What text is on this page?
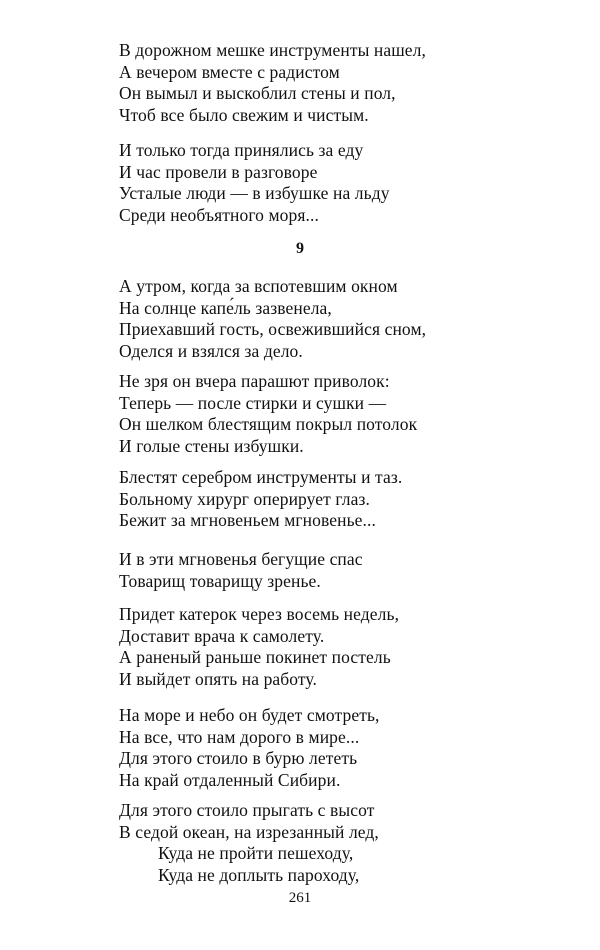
В дорожном мешке инструменты нашел,
А вечером вместе с радистом
Он вымыл и выскоблил стены и пол,
Чтоб все было свежим и чистым.
И только тогда принялись за еду
И час провели в разговоре
Усталые люди — в избушке на льду
Среди необъятного моря...
9
А утром, когда за вспотевшим окном
На солнце капе́ль зазвенела,
Приехавший гость, освежившийся сном,
Оделся и взялся за дело.
Не зря он вчера парашют приволок:
Теперь — после стирки и сушки —
Он шелком блестящим покрыл потолок
И голые стены избушки.
Блестят серебром инструменты и таз.
Больному хирург оперирует глаз.
Бежит за мгновеньем мгновенье...
И в эти мгновенья бегущие спас
Товарищ товарищу зренье.
Придет катерок через восемь недель,
Доставит врача к самолету.
А раненый раньше покинет постель
И выйдет опять на работу.
На море и небо он будет смотреть,
На все, что нам дорого в мире...
Для этого стоило в бурю лететь
На край отдаленный Сибири.
Для этого стоило прыгать с высот
В седой океан, на изрезанный лед,
Куда не пройти пешеходу,
Куда не доплыть пароходу,
261
